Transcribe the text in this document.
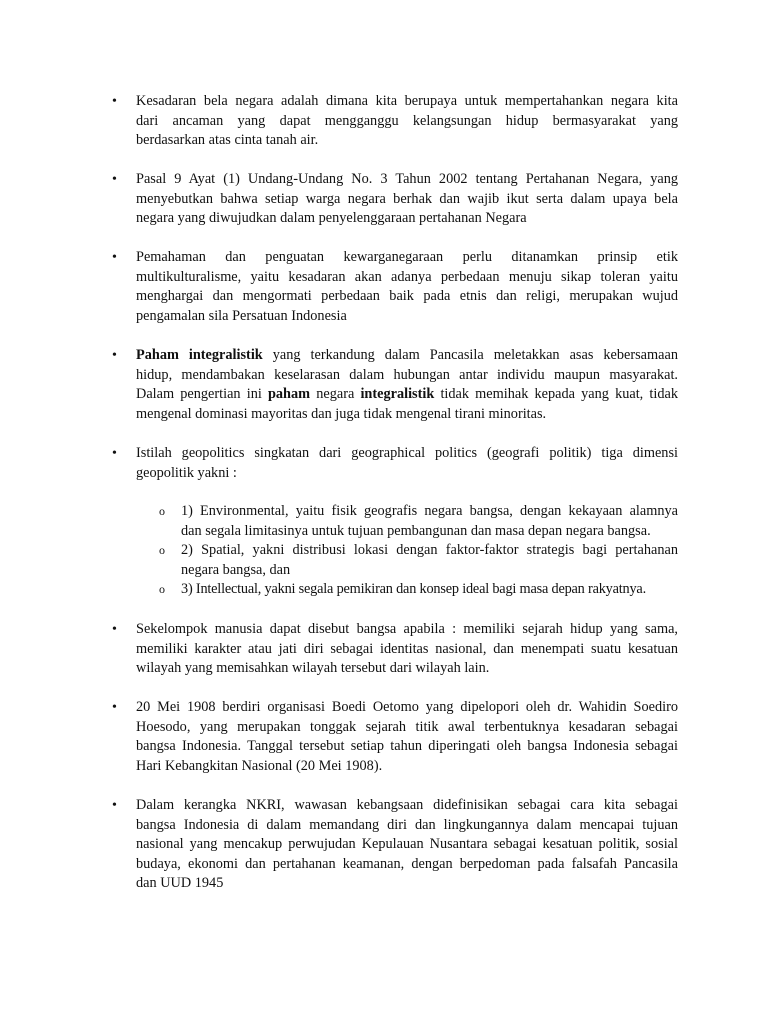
• Kesadaran bela negara adalah dimana kita berupaya untuk mempertahankan negara kita
dari ancaman yang dapat mengganggu kelangsungan hidup bermasyarakat yang
berdasarkan atas cinta tanah air.
• Pasal 9 Ayat (1) Undang-Undang No. 3 Tahun 2002 tentang Pertahanan Negara, yang
menyebutkan bahwa setiap warga negara berhak dan wajib ikut serta dalam upaya bela
negara yang diwujudkan dalam penyelenggaraan pertahanan Negara
• Pemahaman dan penguatan kewarganegaraan perlu ditanamkan prinsip etik
multikulturalisme, yaitu kesadaran akan adanya perbedaan menuju sikap toleran yaitu
menghargai dan mengormati perbedaan baik pada etnis dan religi, merupakan wujud
pengamalan sila Persatuan Indonesia
• Paham integralistik yang terkandung dalam Pancasila meletakkan asas kebersamaan
hidup, mendambakan keselarasan dalam hubungan antar individu maupun masyarakat.
Dalam pengertian ini paham negara integralistik tidak memihak kepada yang kuat, tidak
mengenal dominasi mayoritas dan juga tidak mengenal tirani minoritas.
• Istilah geopolitics singkatan dari geographical politics (geografi politik) tiga dimensi
geopolitik yakni :
o 1) Environmental, yaitu fisik geografis negara bangsa, dengan kekayaan alamnya
dan segala limitasinya untuk tujuan pembangunan dan masa depan negara bangsa.
o 2) Spatial, yakni distribusi lokasi dengan faktor-faktor strategis bagi pertahanan
negara bangsa, dan
o 3) Intellectual, yakni segala pemikiran dan konsep ideal bagi masa depan rakyatnya.
• Sekelompok manusia dapat disebut bangsa apabila : memiliki sejarah hidup yang sama,
memiliki karakter atau jati diri sebagai identitas nasional, dan menempati suatu kesatuan
wilayah yang memisahkan wilayah tersebut dari wilayah lain.
• 20 Mei 1908 berdiri organisasi Boedi Oetomo yang dipelopori oleh dr. Wahidin Soediro
Hoesodo, yang merupakan tonggak sejarah titik awal terbentuknya kesadaran sebagai
bangsa Indonesia. Tanggal tersebut setiap tahun diperingati oleh bangsa Indonesia sebagai
Hari Kebangkitan Nasional (20 Mei 1908).
• Dalam kerangka NKRI, wawasan kebangsaan didefinisikan sebagai cara kita sebagai
bangsa Indonesia di dalam memandang diri dan lingkungannya dalam mencapai tujuan
nasional yang mencakup perwujudan Kepulauan Nusantara sebagai kesatuan politik, sosial
budaya, ekonomi dan pertahanan keamanan, dengan berpedoman pada falsafah Pancasila
dan UUD 1945
